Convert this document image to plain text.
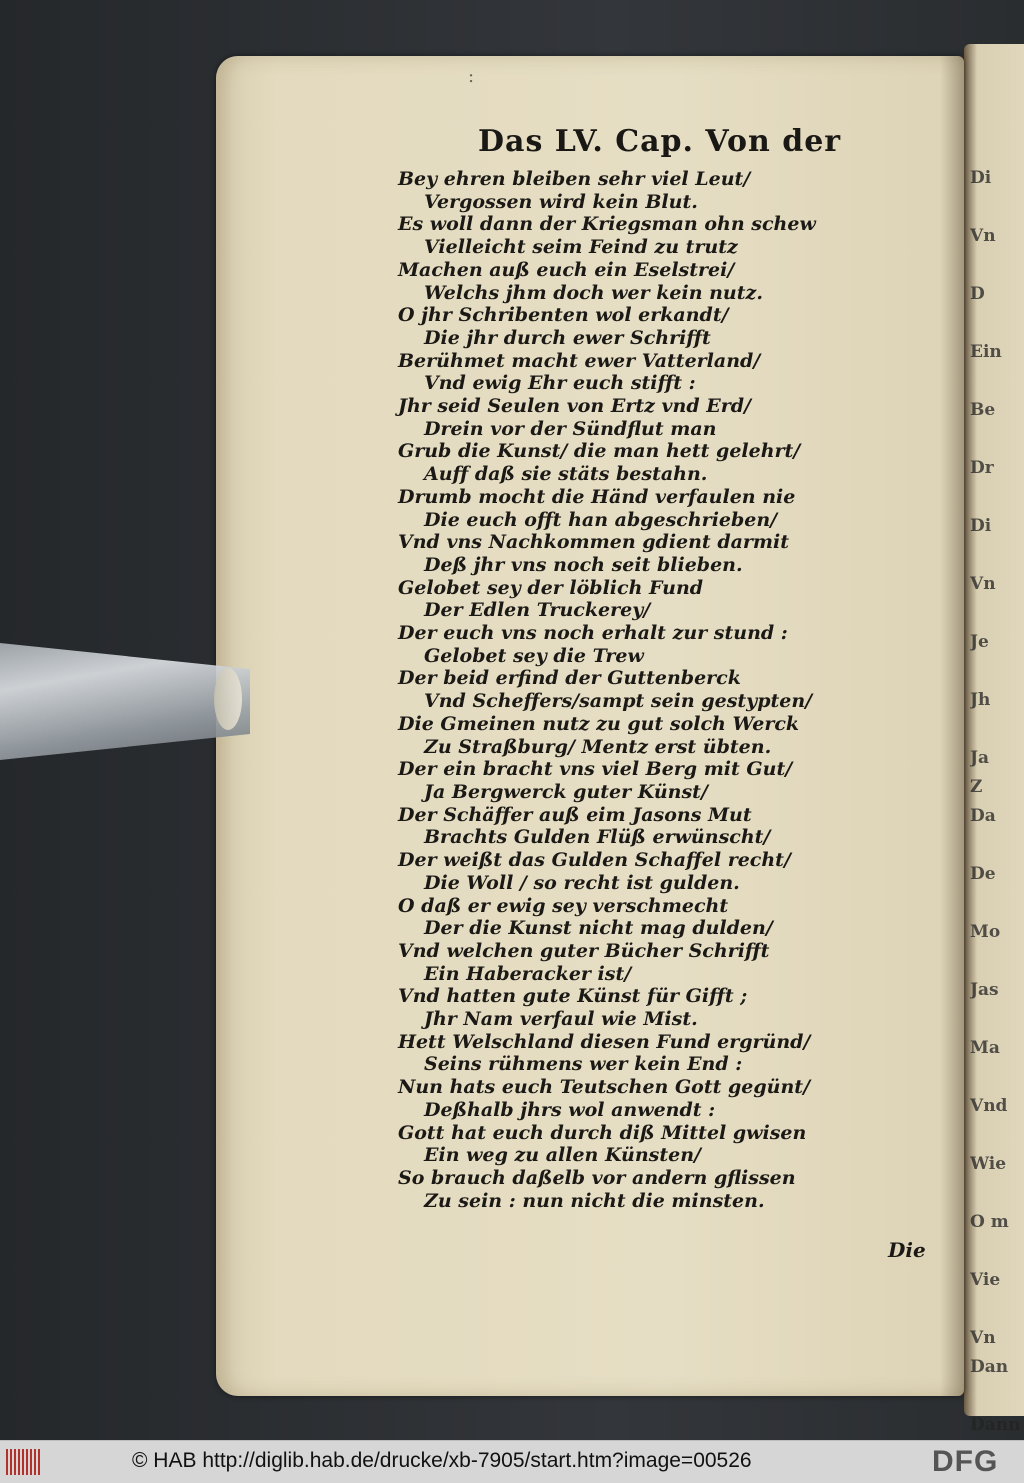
Di
Vn
D
Ein
Be
Dr
Di
Vn
Je
Jh
Ja
Z
Da
De
Mo
Jas
Ma
Vnd
Wie
O m
Vie
Vn
Dan
Dann
:
Das LV. Cap. Von der
Bey ehren bleiben sehr viel Leut/
Vergossen wird kein Blut.
Es woll dann der Kriegsman ohn schew
Vielleicht seim Feind zu trutz
Machen auß euch ein Eselstrei/
Welchs jhm doch wer kein nutz.
O jhr Schribenten wol erkandt/
Die jhr durch ewer Schrifft
Berühmet macht ewer Vatterland/
Vnd ewig Ehr euch stifft :
Jhr seid Seulen von Ertz vnd Erd/
Drein vor der Sündflut man
Grub die Kunst/ die man hett gelehrt/
Auff daß sie stäts bestahn.
Drumb mocht die Händ verfaulen nie
Die euch offt han abgeschrieben/
Vnd vns Nachkommen gdient darmit
Deß jhr vns noch seit blieben.
Gelobet sey der löblich Fund
Der Edlen Truckerey/
Der euch vns noch erhalt zur stund :
Gelobet sey die Trew
Der beid erfind der Guttenberck
Vnd Scheffers/sampt sein gestypten/
Die Gmeinen nutz zu gut solch Werck
Zu Straßburg/ Mentz erst übten.
Der ein bracht vns viel Berg mit Gut/
Ja Bergwerck guter Künst/
Der Schäffer auß eim Jasons Mut
Brachts Gulden Flüß erwünscht/
Der weißt das Gulden Schaffel recht/
Die Woll / so recht ist gulden.
O daß er ewig sey verschmecht
Der die Kunst nicht mag dulden/
Vnd welchen guter Bücher Schrifft
Ein Haberacker ist/
Vnd hatten gute Künst für Gifft ;
Jhr Nam verfaul wie Mist.
Hett Welschland diesen Fund ergründ/
Seins rühmens wer kein End :
Nun hats euch Teutschen Gott gegünt/
Deßhalb jhrs wol anwendt :
Gott hat euch durch diß Mittel gwisen
Ein weg zu allen Künsten/
So brauch daßelb vor andern gflissen
Zu sein : nun nicht die minsten.
Die
© HAB http://diglib.hab.de/drucke/xb-7905/start.htm?image=00526	DFG
